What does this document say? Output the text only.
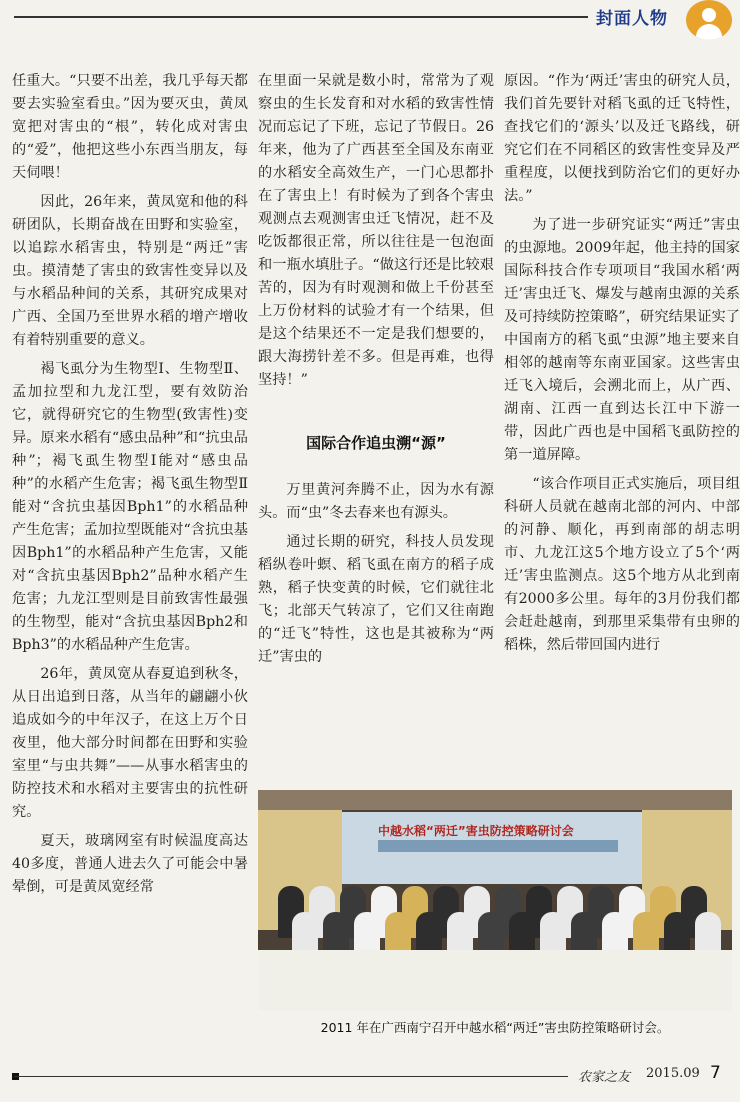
封面人物

任重大。“只要不出差，我几乎每天都要去实验室看虫。”因为要灭虫，黄凤宽把对害虫的“根”，转化成对害虫的“爱”，他把这些小东西当朋友，每天伺喂！

因此，26年来，黄凤宽和他的科研团队，长期奋战在田野和实验室，以追踪水稻害虫，特别是“两迁”害虫。摸清楚了害虫的致害性变异以及与水稻品种间的关系，其研究成果对广西、全国乃至世界水稻的增产增收有着特别重要的意义。

褐飞虱分为生物型Ⅰ、生物型Ⅱ、孟加拉型和九龙江型，要有效防治它，就得研究它的生物型(致害性)变异。原来水稻有“感虫品种”和“抗虫品种”；褐飞虱生物型Ⅰ能对“感虫品种”的水稻产生危害；褐飞虱生物型Ⅱ能对“含抗虫基因Bph1”的水稻品种产生危害；孟加拉型既能对“含抗虫基因Bph1”的水稻品种产生危害，又能对“含抗虫基因Bph2”品种水稻产生危害；九龙江型则是目前致害性最强的生物型，能对“含抗虫基因Bph2和Bph3”的水稻品种产生危害。

26年，黄凤宽从春夏追到秋冬，从日出追到日落，从当年的翩翩小伙追成如今的中年汉子，在这上万个日夜里，他大部分时间都在田野和实验室里“与虫共舞”——从事水稻害虫的防控技术和水稻对主要害虫的抗性研究。

夏天，玻璃网室有时候温度高达40多度，普通人进去久了可能会中暑晕倒，可是黄凤宽经常

在里面一呆就是数小时，常常为了观察虫的生长发育和对水稻的致害性情况而忘记了下班，忘记了节假日。26年来，他为了广西甚至全国及东南亚的水稻安全高效生产，一门心思都扑在了害虫上！有时候为了到各个害虫观测点去观测害虫迁飞情况，赶不及吃饭都很正常，所以往往是一包泡面和一瓶水填肚子。“做这行还是比较艰苦的，因为有时观测和做上千份甚至上万份材料的试验才有一个结果，但是这个结果还不一定是我们想要的，跟大海捞针差不多。但是再难，也得坚持！”

国际合作追虫溯“源”

万里黄河奔腾不止，因为水有源头。而“虫”冬去春来也有源头。

通过长期的研究，科技人员发现稻纵卷叶螟、稻飞虱在南方的稻子成熟，稻子快变黄的时候，它们就往北飞；北部天气转凉了，它们又往南跑的“迁飞”特性，这也是其被称为“两迁”害虫的

原因。“作为‘两迁’害虫的研究人员，我们首先要针对稻飞虱的迁飞特性，查找它们的‘源头’以及迁飞路线，研究它们在不同稻区的致害性变异及严重程度，以便找到防治它们的更好办法。”

为了进一步研究证实“两迁”害虫的虫源地。2009年起，他主持的国家国际科技合作专项项目“我国水稻‘两迁’害虫迁飞、爆发与越南虫源的关系及可持续防控策略”，研究结果证实了中国南方的稻飞虱“虫源”地主要来自相邻的越南等东南亚国家。这些害虫迁飞入境后，会溯北而上，从广西、湖南、江西一直到达长江中下游一带，因此广西也是中国稻飞虱防控的第一道屏障。

“该合作项目正式实施后，项目组科研人员就在越南北部的河内、中部的河静、顺化，再到南部的胡志明市、九龙江这5个地方设立了5个‘两迁’害虫监测点。这5个地方从北到南有2000多公里。每年的3月份我们都会赶赴越南，到那里采集带有虫卵的稻株，然后带回国内进行

中越水稻“两迁”害虫防控策略研讨会
2011 年在广西南宁召开中越水稻“两迁”害虫防控策略研讨会。
农家之友 2015.09 7
